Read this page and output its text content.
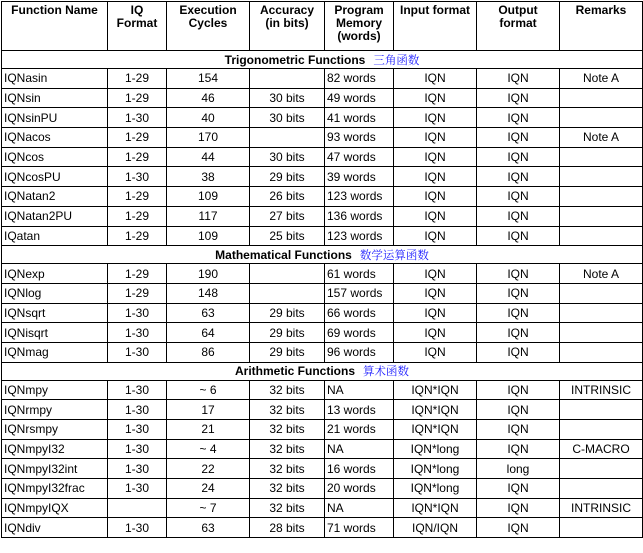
Function Name	IQ Format	Execution Cycles	Accuracy (in bits)	Program Memory (words)	Input format	Output format	Remarks
Trigonometric Functions 三角函数							
IQNasin	1-29	154		82 words	IQN	IQN	Note A
IQNsin	1-29	46	30 bits	49 words	IQN	IQN	
IQNsinPU	1-30	40	30 bits	41 words	IQN	IQN	
IQNacos	1-29	170		93 words	IQN	IQN	Note A
IQNcos	1-29	44	30 bits	47 words	IQN	IQN	
IQNcosPU	1-30	38	29 bits	39 words	IQN	IQN	
IQNatan2	1-29	109	26 bits	123 words	IQN	IQN	
IQNatan2PU	1-29	117	27 bits	136 words	IQN	IQN	
IQatan	1-29	109	25 bits	123 words	IQN	IQN	
Mathematical Functions 数学运算函数							
IQNexp	1-29	190		61 words	IQN	IQN	Note A
IQNlog	1-29	148		157 words	IQN	IQN	
IQNsqrt	1-30	63	29 bits	66 words	IQN	IQN	
IQNisqrt	1-30	64	29 bits	69 words	IQN	IQN	
IQNmag	1-30	86	29 bits	96 words	IQN	IQN	
Arithmetic Functions 算术函数							
IQNmpy	1-30	~ 6	32 bits	NA	IQN*IQN	IQN	INTRINSIC
IQNrmpy	1-30	17	32 bits	13 words	IQN*IQN	IQN	
IQNrsmpy	1-30	21	32 bits	21 words	IQN*IQN	IQN	
IQNmpyI32	1-30	~ 4	32 bits	NA	IQN*long	IQN	C-MACRO
IQNmpyI32int	1-30	22	32 bits	16 words	IQN*long	long	
IQNmpyI32frac	1-30	24	32 bits	20 words	IQN*long	IQN	
IQNmpyIQX		~ 7	32 bits	NA	IQN*IQN	IQN	INTRINSIC
IQNdiv	1-30	63	28 bits	71 words	IQN/IQN	IQN	
